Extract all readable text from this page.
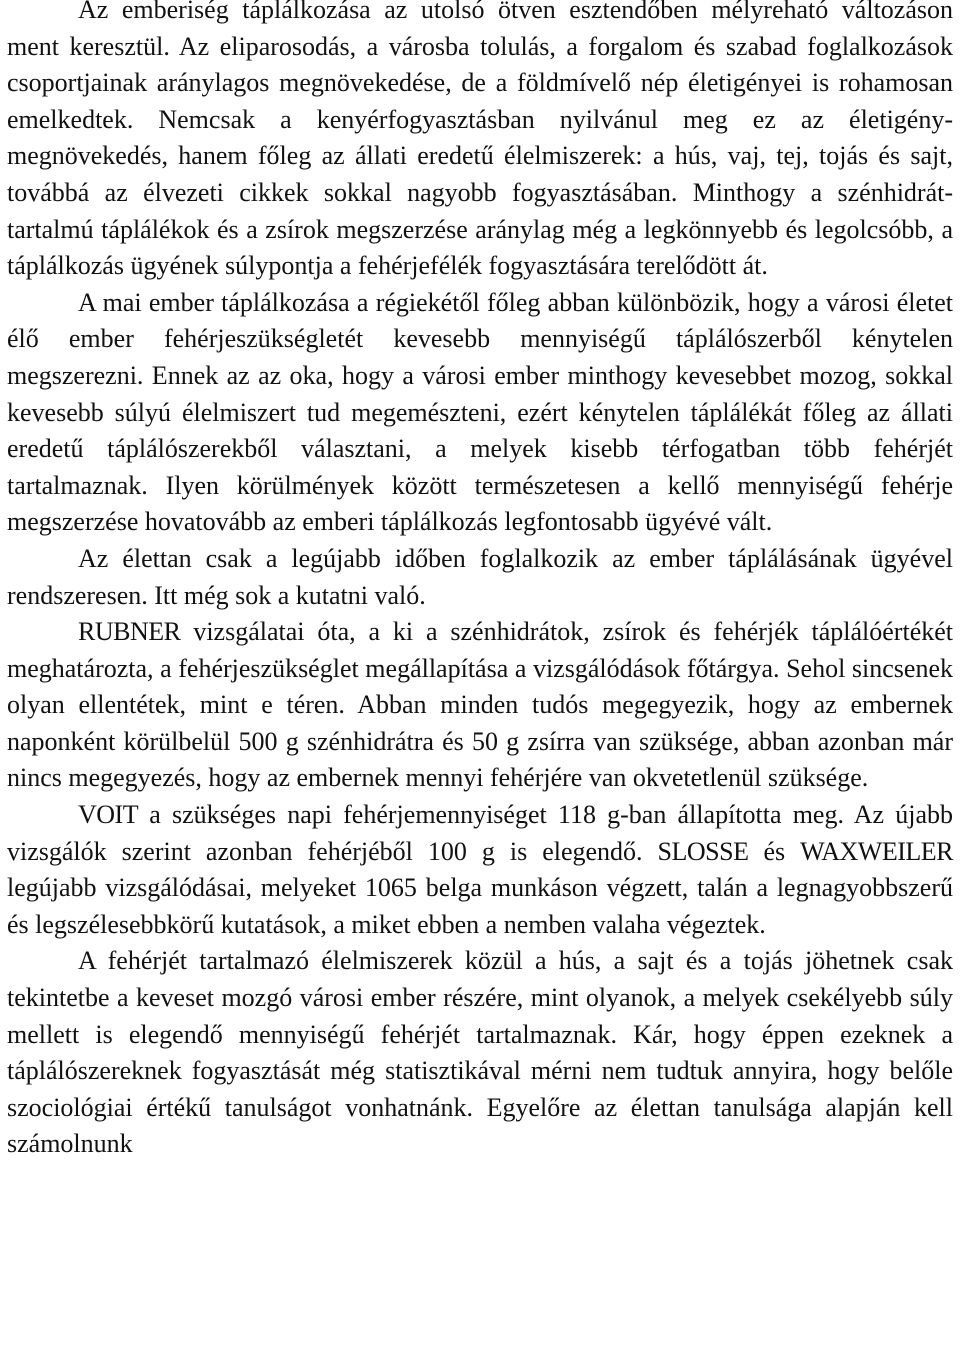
Az emberiség táplálkozása az utolsó ötven esztendőben mélyreható változáson ment keresztül. Az eliparosodás, a városba tolulás, a forgalom és szabad foglalkozások csoportjainak aránylagos megnövekedése, de a földmívelő nép életigényei is rohamosan emelkedtek. Nemcsak a kenyérfogyasztásban nyilvánul meg ez az életigény-megnövekedés, hanem főleg az állati eredetű élelmiszerek: a hús, vaj, tej, tojás és sajt, továbbá az élvezeti cikkek sokkal nagyobb fogyasztásában. Minthogy a szénhidrát-tartalmú táplálékok és a zsírok megszerzése aránylag még a legkönnyebb és legolcsóbb, a táplálkozás ügyének súlypontja a fehérjefélék fogyasztására terelődött át.

A mai ember táplálkozása a régiekétől főleg abban különbözik, hogy a városi életet élő ember fehérjeszükségletét kevesebb mennyiségű táplálószerből kénytelen megszerezni. Ennek az az oka, hogy a városi ember minthogy kevesebbet mozog, sokkal kevesebb súlyú élelmiszert tud megemészteni, ezért kénytelen táplálékát főleg az állati eredetű táplálószerekből választani, a melyek kisebb térfogatban több fehérjét tartalmaznak. Ilyen körülmények között természetesen a kellő mennyiségű fehérje megszerzése hovatovább az emberi táplálkozás legfontosabb ügyévé vált.

Az élettan csak a legújabb időben foglalkozik az ember táplálásának ügyével rendszeresen. Itt még sok a kutatni való.

RUBNER vizsgálatai óta, a ki a szénhidrátok, zsírok és fehérjék táplálóértékét meghatározta, a fehérjeszükséglet megállapítása a vizsgálódások főtárgya. Sehol sincsenek olyan ellentétek, mint e téren. Abban minden tudós megegyezik, hogy az embernek naponként körülbelül 500 g szénhidrátra és 50 g zsírra van szüksége, abban azonban már nincs megegyezés, hogy az embernek mennyi fehérjére van okvetetlenül szüksége.

VOIT a szükséges napi fehérjemennyiséget 118 g-ban állapította meg. Az újabb vizsgálók szerint azonban fehérjéből 100 g is elegendő. SLOSSE és WAXWEILER legújabb vizsgálódásai, melyeket 1065 belga munkáson végzett, talán a legnagyobbszerű és legszélesebbkörű kutatások, a miket ebben a nemben valaha végeztek.

A fehérjét tartalmazó élelmiszerek közül a hús, a sajt és a tojás jöhetnek csak tekintetbe a keveset mozgó városi ember részére, mint olyanok, a melyek csekélyebb súly mellett is elegendő mennyiségű fehérjét tartalmaznak. Kár, hogy éppen ezeknek a táplálószereknek fogyasztását még statisztikával mérni nem tudtuk annyira, hogy belőle szociológiai értékű tanulságot vonhatnánk. Egyelőre az élettan tanulsága alapján kell számolnunk
